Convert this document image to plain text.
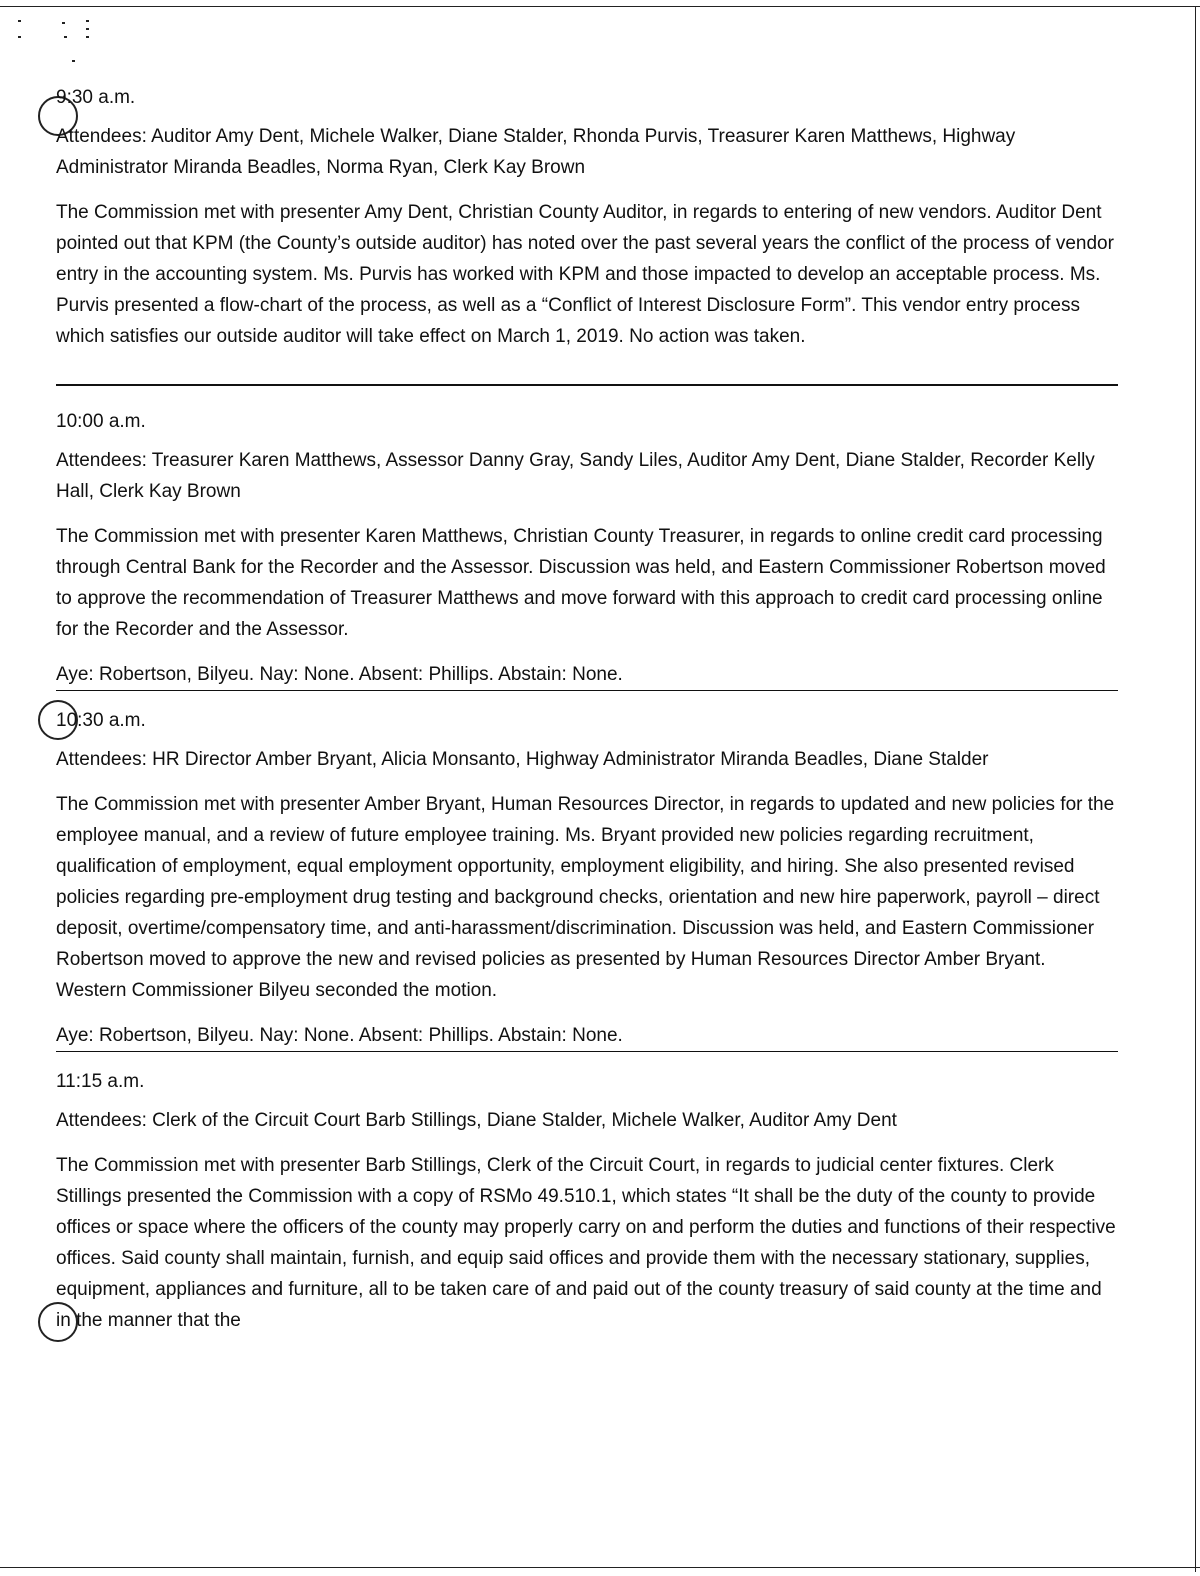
9:30 a.m.

Attendees: Auditor Amy Dent, Michele Walker, Diane Stalder, Rhonda Purvis, Treasurer Karen Matthews, Highway Administrator Miranda Beadles, Norma Ryan, Clerk Kay Brown

The Commission met with presenter Amy Dent, Christian County Auditor, in regards to entering of new vendors. Auditor Dent pointed out that KPM (the County’s outside auditor) has noted over the past several years the conflict of the process of vendor entry in the accounting system. Ms. Purvis has worked with KPM and those impacted to develop an acceptable process. Ms. Purvis presented a flow-chart of the process, as well as a “Conflict of Interest Disclosure Form”. This vendor entry process which satisfies our outside auditor will take effect on March 1, 2019. No action was taken.

10:00 a.m.

Attendees: Treasurer Karen Matthews, Assessor Danny Gray, Sandy Liles, Auditor Amy Dent, Diane Stalder, Recorder Kelly Hall, Clerk Kay Brown

The Commission met with presenter Karen Matthews, Christian County Treasurer, in regards to online credit card processing through Central Bank for the Recorder and the Assessor. Discussion was held, and Eastern Commissioner Robertson moved to approve the recommendation of Treasurer Matthews and move forward with this approach to credit card processing online for the Recorder and the Assessor.

Aye: Robertson, Bilyeu. Nay: None. Absent: Phillips. Abstain: None.

10:30 a.m.

Attendees: HR Director Amber Bryant, Alicia Monsanto, Highway Administrator Miranda Beadles, Diane Stalder

The Commission met with presenter Amber Bryant, Human Resources Director, in regards to updated and new policies for the employee manual, and a review of future employee training. Ms. Bryant provided new policies regarding recruitment, qualification of employment, equal employment opportunity, employment eligibility, and hiring. She also presented revised policies regarding pre-employment drug testing and background checks, orientation and new hire paperwork, payroll – direct deposit, overtime/compensatory time, and anti-harassment/discrimination. Discussion was held, and Eastern Commissioner Robertson moved to approve the new and revised policies as presented by Human Resources Director Amber Bryant. Western Commissioner Bilyeu seconded the motion.

Aye: Robertson, Bilyeu. Nay: None. Absent: Phillips. Abstain: None.

11:15 a.m.

Attendees: Clerk of the Circuit Court Barb Stillings, Diane Stalder, Michele Walker, Auditor Amy Dent

The Commission met with presenter Barb Stillings, Clerk of the Circuit Court, in regards to judicial center fixtures. Clerk Stillings presented the Commission with a copy of RSMo 49.510.1, which states “It shall be the duty of the county to provide offices or space where the officers of the county may properly carry on and perform the duties and functions of their respective offices. Said county shall maintain, furnish, and equip said offices and provide them with the necessary stationary, supplies, equipment, appliances and furniture, all to be taken care of and paid out of the county treasury of said county at the time and in the manner that the
